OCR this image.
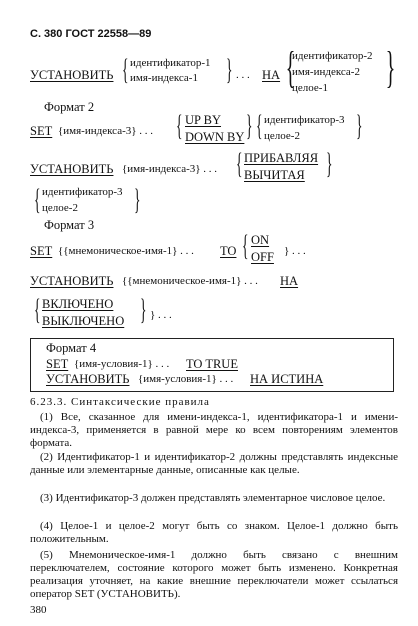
С. 380 ГОСТ 22558—89
УСТАНОВИТЬ { идентификатор-1
имя-индекса-1 } . . . НА {
идентификатор-2
имя-индекса-2
целое-1 }
Формат 2
SET {имя-индекса-3} . . . { UP BY
DOWN BY } { идентификатор-3
целое-2 }
УСТАНОВИТЬ {имя-индекса-3} . . . { ПРИБАВЛЯЯ
ВЫЧИТАЯ }
{ идентификатор-3
целое-2 }
Формат 3
SET {{мнемоническое-имя-1} . . . TO { ON
OFF } . . .
УСТАНОВИТЬ {{мнемоническое-имя-1} . . . НА
{ ВКЛЮЧЕНО
ВЫКЛЮЧЕНО } } . . .
Формат 4
SET {имя-условия-1} . . . TO TRUE
УСТАНОВИТЬ {имя-условия-1} . . . НА ИСТИНА
6.23.3. Синтаксические правила
(1) Все, сказанное для имени-индекса-1, идентификатора-1 и имени-индекса-3, применяется в равной мере ко всем повторениям элементов формата.
(2) Идентификатор-1 и идентификатор-2 должны представлять индексные данные или элементарные данные, описанные как целые.
(3) Идентификатор-3 должен представлять элементарное числовое целое.
(4) Целое-1 и целое-2 могут быть со знаком. Целое-1 должно быть положительным.
(5) Мнемоническое-имя-1 должно быть связано с внешним переключателем, состояние которого может быть изменено. Конкретная реализация уточняет, на какие внешние переключатели может ссылаться оператор SET (УСТАНОВИТЬ).
380
